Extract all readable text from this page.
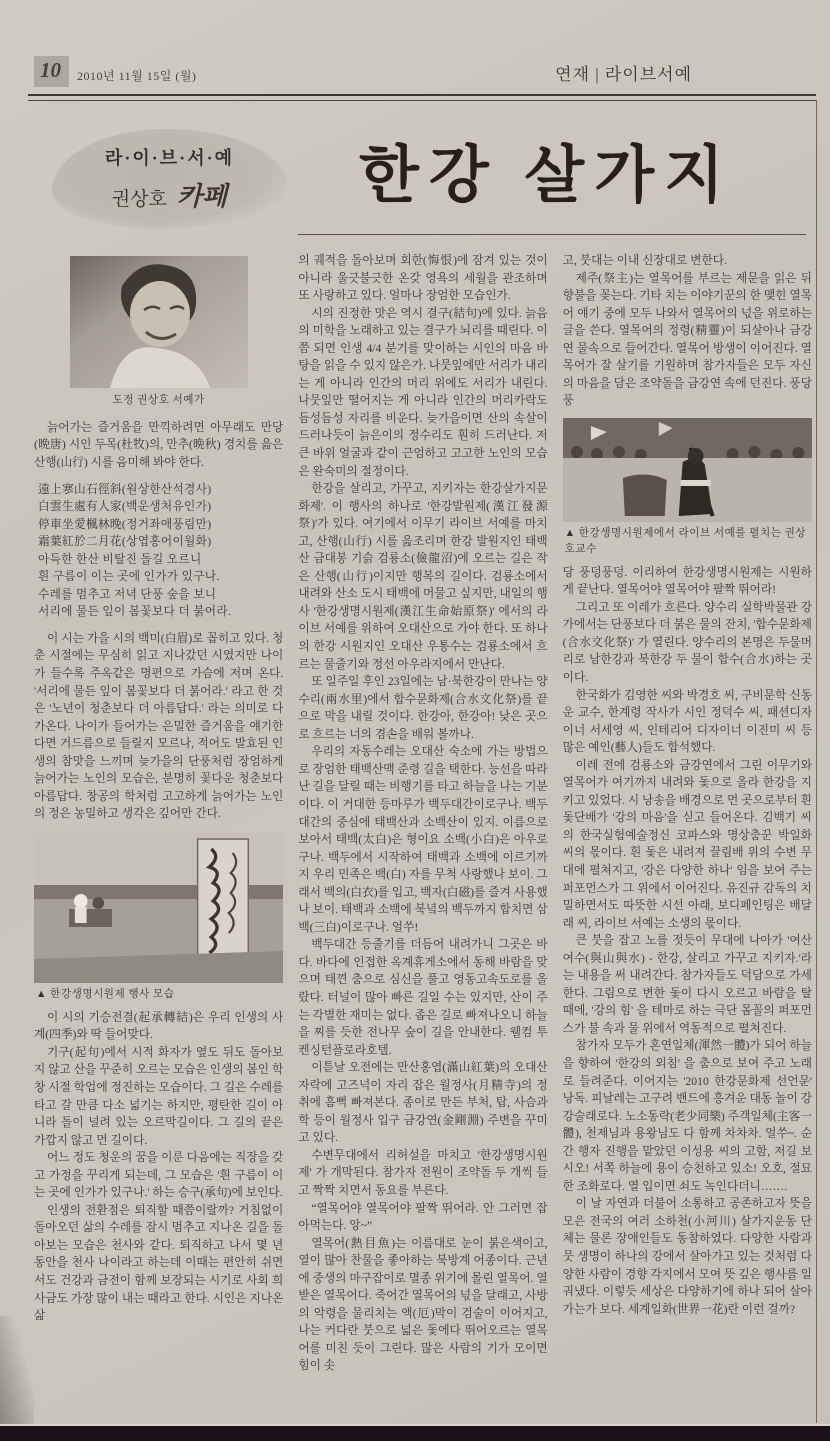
10	2010년 11월 15일 (월)	연재 | 라이브서예
라·이·브·서·예
권상호 카페	한강 살가지
도정 권상호 서예가

늙어가는 즐거움을 만끽하려면 아무래도 만당(晩唐) 시인 두목(杜牧)의, 만추(晩秋) 경치를 읊은 산행(山行) 시를 음미해 봐야 한다.

遠上寒山石徑斜(원상한산석경사)

白雲生處有人家(백운생처유인가)

停車坐愛楓林晚(정거좌애풍림만)

霜葉紅於二月花(상엽홍어이월화)

아득한 한산 비탈진 돌길 오르니

흰 구름이 이는 곳에 인가가 있구나.

수레를 멈추고 저녁 단풍 숲을 보니

서리에 물든 잎이 봄꽃보다 더 붉어라.

이 시는 가을 시의 백미(白眉)로 꼽히고 있다. 청춘 시절에는 무심히 읽고 지나갔던 시였지만 나이가 들수록 주옥같은 명편으로 가슴에 저며 온다. '서리에 물든 잎이 봄꽃보다 더 붉어라.' 라고 한 것은 '노년이 청춘보다 더 아름답다.' 라는 의미로 다가온다. 나이가 들어가는 은밀한 즐거움을 얘기한다면 거드름으로 들릴지 모르나, 적어도 발효된 인생의 참맛을 느끼며 늦가을의 단풍처럼 장엄하게 늙어가는 노인의 모습은, 분명히 꽃다운 청춘보다 아름답다. 창공의 학처럼 고고하게 늙어가는 노인의 정은 농밀하고 생각은 깊어만 간다.

▲ 한강생명시원제 행사 모습

이 시의 기승전결(起承轉結)은 우리 인생의 사계(四季)와 딱 들어맞다.

기구(起句)에서 시적 화자가 옆도 뒤도 돌아보지 않고 산을 꾸준히 오르는 모습은 인생의 봄인 학창 시절 학업에 정진하는 모습이다. 그 길은 수레를 타고 갈 만큼 다소 넓기는 하지만, 평탄한 길이 아니라 돌이 널려 있는 오르막길이다. 그 길의 끝은 가깝지 않고 먼 길이다.

어느 정도 청운의 꿈을 이룬 다음에는 직장을 갖고 가정을 꾸리게 되는데, 그 모습은 '흰 구름이 이는 곳에 인가가 있구나.' 하는 승구(承句)에 보인다.

인생의 전환점은 퇴직할 때쯤이랄까? 거침없이 돌아오던 삶의 수레를 잠시 멈추고 지나온 길을 돌아보는 모습은 천사와 같다. 퇴직하고 나서 몇 년 동안을 천사 나이라고 하는데 이때는 편안히 쉬면서도 건강과 금전이 함께 보장되는 시기로 사회 희사금도 가장 많이 내는 때라고 한다. 시인은 지나온 삶

의 궤적을 돌아보며 회한(悔恨)에 잠겨 있는 것이 아니라 울긋불긋한 온갖 영욕의 세월을 관조하며 또 사랑하고 있다. 얼마나 장엄한 모습인가.

시의 진정한 맛은 역시 결구(結句)에 있다. 늙음의 미학을 노래하고 있는 결구가 뇌리를 때린다. 이쯤 되면 인생 4/4 분기를 맞이하는 시인의 마음 바탕을 읽을 수 있지 않은가. 나뭇잎에만 서리가 내리는 게 아니라 인간의 머리 위에도 서리가 내린다. 나뭇잎만 떨어지는 게 아니라 인간의 머리카락도 듬성듬성 자리를 비운다. 늦가을이면 산의 속살이 드러나듯이 늙은이의 정수리도 훤히 드러난다. 저 큰 바위 얼굴과 같이 근엄하고 고고한 노인의 모습은 완숙미의 절정이다.

한강을 살리고, 가꾸고, 지키자는 한강살가지문화제'. 이 행사의 하나로 '한강발원제(漢江發源祭)'가 있다. 여기에서 이무기 라이브 서예를 마치고, 산행(山行) 시를 읊조리며 한강 발원지인 태백산 금대봉 기슭 검룡소(儉龍沼)에 오르는 길은 작은 산행(山行)이지만 행복의 길이다. 검룡소에서 내려와 산소 도시 태백에 머물고 싶지만, 내일의 행사 '한강생명시원제(漢江生命始原祭)' 에서의 라이브 서예를 위하여 오대산으로 가야 한다. 또 하나의 한강 시원지인 오대산 우통수는 검룡소에서 흐르는 물줄기와 정선 아우라지에서 만난다.

또 일주일 후인 23일에는 남·북한강이 만나는 양수리(兩水里)에서 합수문화제(合水文化祭)를 끝으로 막을 내릴 것이다. 한강아, 한강아! 낮은 곳으로 흐르는 너의 겸손을 배워 볼까나.

우리의 자동수레는 오대산 숙소에 가는 방법으로 장엄한 태백산맥 준령 길을 택한다. 능선을 따라 난 길을 달릴 때는 비행기를 타고 하늘을 나는 기분이다. 이 거대한 등마루가 백두대간이로구나. 백두대간의 중심에 태백산과 소백산이 있지. 이름으로 보아서 태백(太白)은 형이요 소백(小白)은 아우로구나. 백두에서 시작하여 태백과 소백에 이르기까지 우리 민족은 백(白) 자를 무척 사랑했나 보이. 그래서 백의(白衣)를 입고, 백자(白磁)를 즐겨 사용했나 보이. 태백과 소백에 북녘의 백두까지 합치면 삼백(三白)이로구나. 얼쑤!

백두대간 등줄기를 더듬어 내려가니 그곳은 바다. 바다에 인접한 옥계휴게소에서 동해 바람을 맞으며 태껸 춤으로 심신을 풀고 영동고속도로를 올랐다. 터널이 많아 빠른 길일 수는 있지만, 산이 주는 각별한 재미는 없다. 좁은 길로 빠져나오니 하늘을 찌를 듯한 전나무 숲이 길을 안내한다. 웰컴 투 켄싱턴플로라호텔.

이튿날 오전에는 만산홍엽(滿山紅葉)의 오대산 자락에 고즈넉이 자리 잡은 월정사(月精寺)의 정취에 흠뻑 빠져본다. 종이로 만든 부처, 탑, 사슴과 학 등이 월정사 입구 금강연(金剛淵) 주변을 꾸미고 있다.

수변무대에서 리허설을 마치고 '한강생명시원제' 가 개막된다. 참가자 전원이 조약돌 두 개씩 들고 짝짝 치면서 동요를 부른다.

“열목어야 열목어야 팔짝 뛰어라. 안 그러면 잡아먹는다. 앙~”

열목어(熱目魚)는 이름대로 눈이 붉은색이고, 열이 많아 찬물을 좋아하는 북방계 어종이다. 근년에 중생의 마구잡이로 멸종 위기에 몰린 열목어. 열 받은 열목어다. 죽어간 열목어의 넋을 달래고, 사방의 악령을 물리치는 액(厄)막이 검술이 이어지고, 나는 커다란 붓으로 넓은 돛에다 뛰어오르는 열목어를 미친 듯이 그린다. 많은 사람의 기가 모이면 힘이 솟

고, 붓대는 이내 신장대로 변한다.

제주(祭主)는 열목어를 부르는 제문을 읽은 뒤 향불을 꽂는다. 기타 치는 이야기꾼의 한 맺힌 열목어 얘기 중에 모두 나와서 열목어의 넋을 위로하는 글을 쓴다. 열목어의 정령(精靈)이 되살아나 금강연 물속으로 들어간다. 열목어 방생이 이어진다. 열목어가 잘 살기를 기원하며 참가자들은 모두 자신의 마음을 담은 조약돌을 금강연 속에 던진다. 풍당풍

▲ 한강생명시원제에서 라이브 서예를 펼치는 권상호교수

당 풍덩풍덩. 이리하여 한강생명시원제는 시원하게 끝난다. 열목어야 열목어야 팔짝 뛰어라!

그리고 또 이레가 흐른다. 양수리 실학박물관 강가에서는 단풍보다 더 붉은 물의 잔치, '합수문화제(合水文化祭)' 가 열린다. 양수리의 본명은 두물머리로 남한강과 북한강 두 물이 합수(合水)하는 곳이다.

한국화가 김영한 씨와 박경호 씨, 구비문학 신동운 교수, 한계령 작사가 시인 정덕수 씨, 패션디자이너 서세영 씨, 인테리어 디자이너 이진미 씨 등 많은 예인(藝人)들도 합석했다.

이레 전에 검룡소와 금강연에서 그린 이무기와 열목어가 여기까지 내려와 돛으로 올라 한강을 지키고 있었다. 시 낭송을 배경으로 먼 곳으로부터 흰 돛단배가 '강의 마음'을 싣고 들어온다. 김백기 씨의 한국실험예술정신 코파스와 명상춤꾼 박일화 씨의 몫이다. 흰 돛은 내려져 끌림배 위의 수변 무대에 펼쳐지고, '강은 다양한 하나' 임을 보여 주는 퍼포먼스가 그 위에서 이어진다. 유진규 감독의 치밀하면서도 따뜻한 시선 아래, 보디페인팅은 배달래 씨, 라이브 서예는 소생의 몫이다.

큰 붓을 잡고 노를 젓듯이 무대에 나아가 '여산여수(與山與水) - 한강, 살리고 가꾸고 지키자.'라는 내용을 써 내려간다. 참가자들도 덕담으로 가세한다. 그림으로 변한 돛이 다시 오르고 바람을 탈 때에, '강의 힘' 을 테마로 하는 극단 몸꼴의 퍼포먼스가 불 속과 물 위에서 역동적으로 펼쳐진다.

참가자 모두가 혼연일체(渾然一體)가 되어 하늘을 향하여 '한강의 외침' 을 춤으로 보여 주고 노래로 들려준다. 이어지는 '2010 한강문화제 선언문' 낭독. 피날레는 고구려 밴드에 흥겨운 대동 놀이 강강술래로다. 노소동락(老少同樂) 주객일체(主客一體), 천제님과 용왕님도 다 함께 차차차. 얼쑤~. 순간 행자 진행을 맡았던 이성용 씨의 고함, 저길 보시오! 서쪽 하늘에 용이 승천하고 있소! 오호, 절묘한 조화로다. 열 입이면 쇠도 녹인다더니…….

이 날 자연과 더불어 소통하고 공존하고자 뜻을 모은 전국의 여러 소하천(小河川) 살가지운동 단체는 물론 장애인들도 동참하였다. 다양한 사람과 뭇 생명이 하나의 강에서 살아가고 있는 것처럼 다양한 사람이 경향 각지에서 모여 뜻 깊은 행사를 일궈냈다. 이렇듯 세상은 다양하기에 하나 되어 살아가는가 보다. 세계일화(世界一花)란 이런 걸까?
